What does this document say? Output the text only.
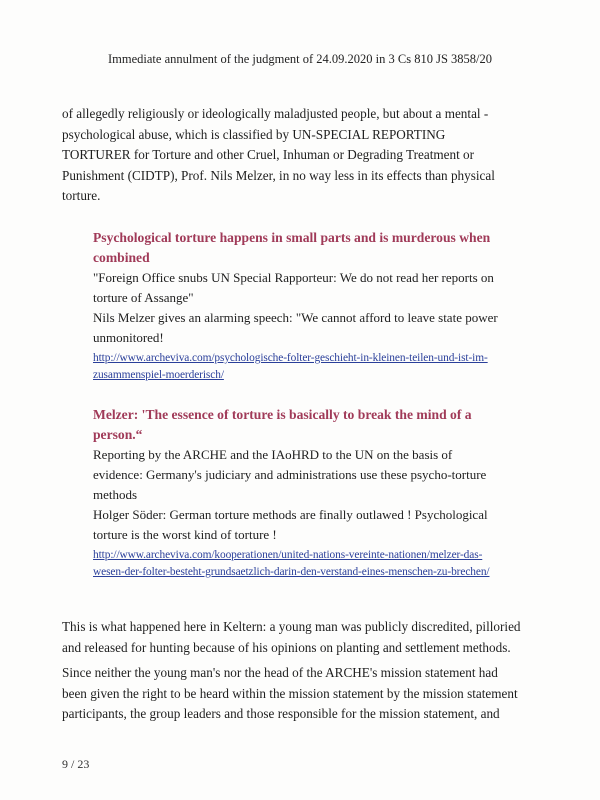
Immediate annulment of the judgment of 24.09.2020 in 3 Cs 810 JS 3858/20
of allegedly religiously or ideologically maladjusted people, but about a mental -
psychological abuse, which is classified by UN-SPECIAL REPORTING
TORTURER for Torture and other Cruel, Inhuman or Degrading Treatment or
Punishment (CIDTP), Prof. Nils Melzer, in no way less in its effects than physical
torture.
Psychological torture happens in small parts and is murderous when
combined
"Foreign Office snubs UN Special Rapporteur: We do not read her reports on
torture of Assange"
Nils Melzer gives an alarming speech: "We cannot afford to leave state power
unmonitored!
http://www.archeviva.com/psychologische-folter-geschieht-in-kleinen-teilen-und-ist-im-
zusammenspiel-moerderisch/
Melzer: 'The essence of torture is basically to break the mind of a
person.“
Reporting by the ARCHE and the IAoHRD to the UN on the basis of
evidence: Germany's judiciary and administrations use these psycho-torture
methods
Holger Söder: German torture methods are finally outlawed ! Psychological
torture is the worst kind of torture !
http://www.archeviva.com/kooperationen/united-nations-vereinte-nationen/melzer-das-
wesen-der-folter-besteht-grundsaetzlich-darin-den-verstand-eines-menschen-zu-brechen/
This is what happened here in Keltern: a young man was publicly discredited, pilloried
and released for hunting because of his opinions on planting and settlement methods.
Since neither the young man's nor the head of the ARCHE's mission statement had
been given the right to be heard within the mission statement by the mission statement
participants, the group leaders and those responsible for the mission statement, and
9 / 23
